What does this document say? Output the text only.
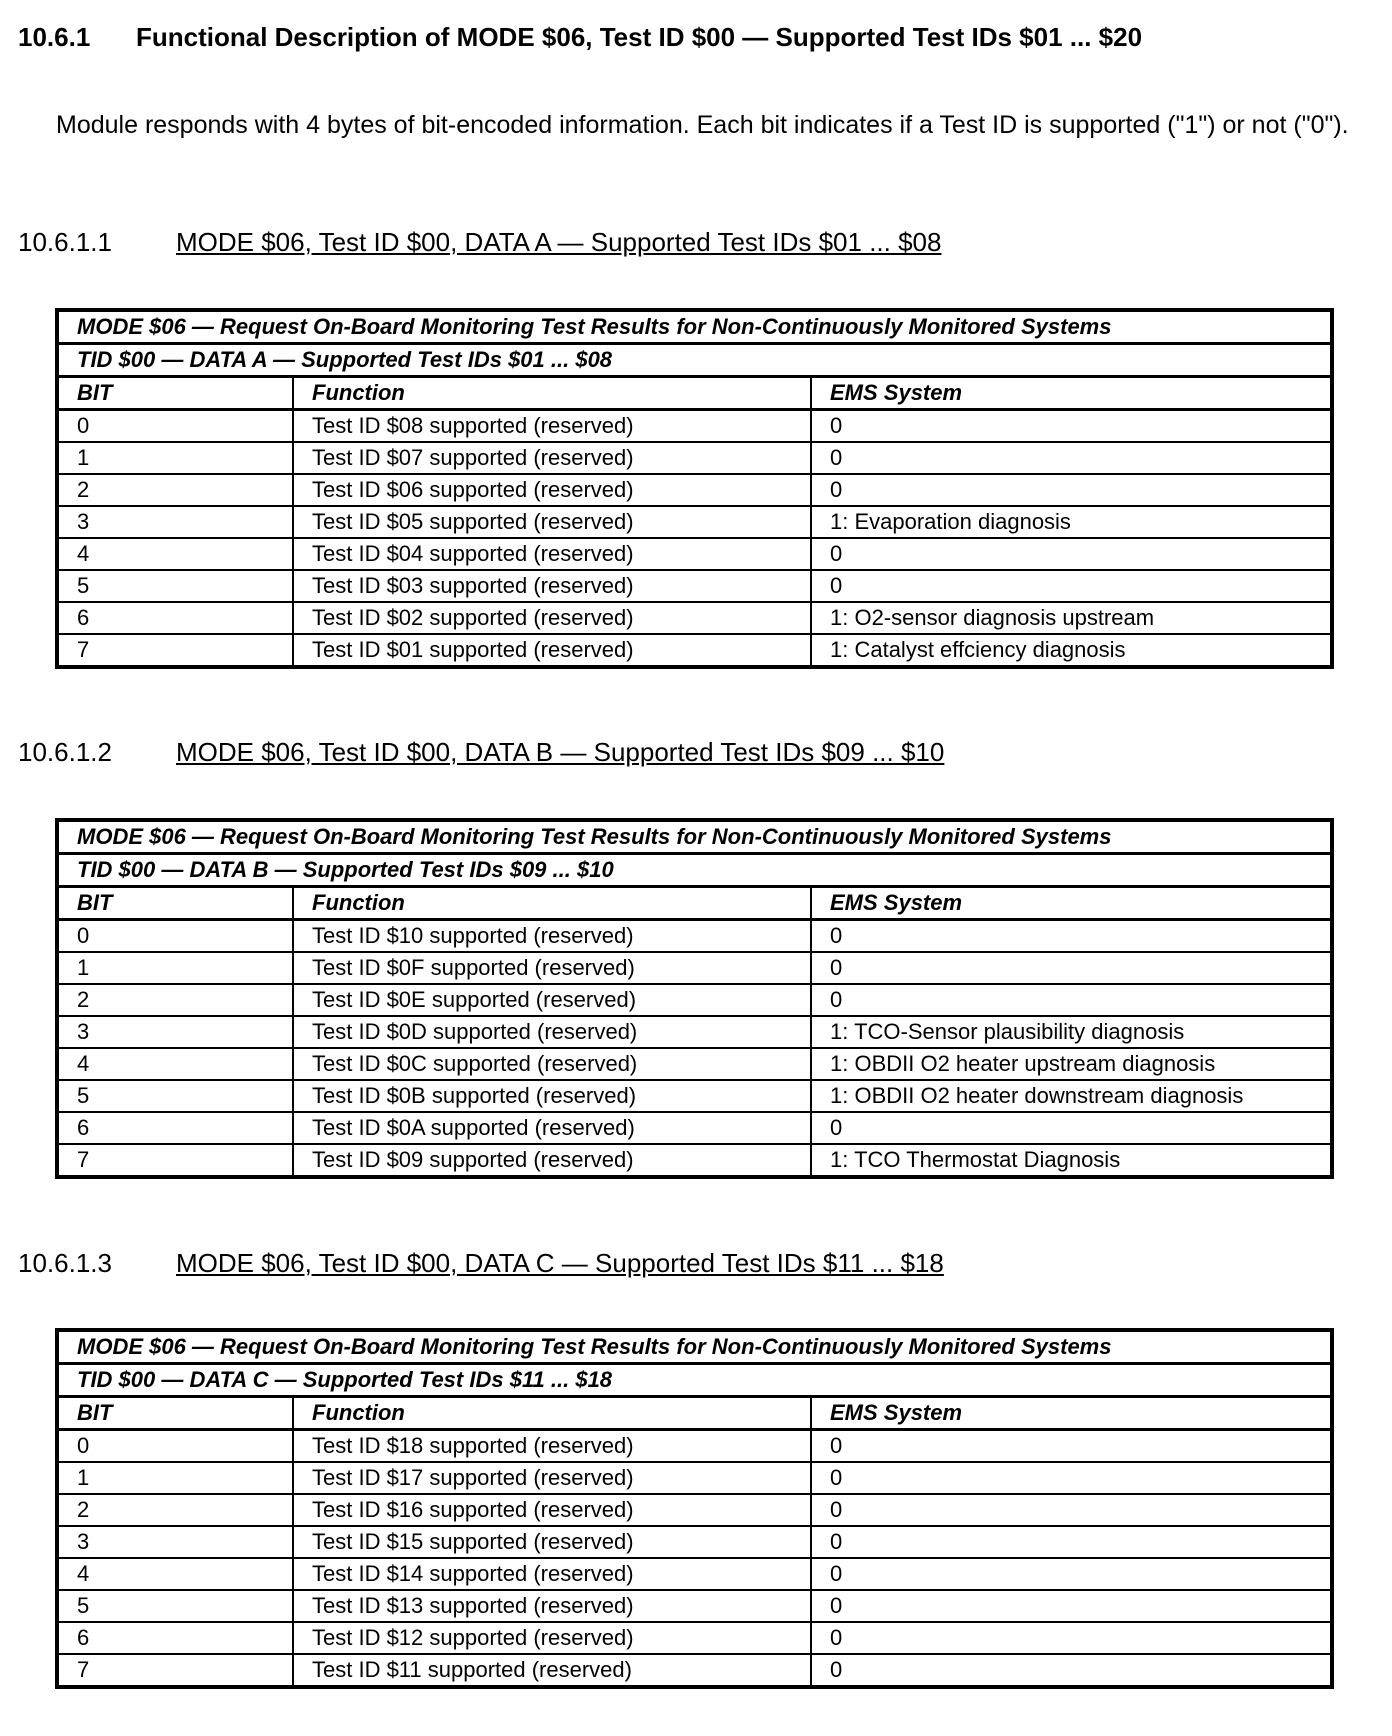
10.6.1 Functional Description of MODE $06, Test ID $00 — Supported Test IDs $01 ... $20
Module responds with 4 bytes of bit-encoded information. Each bit indicates if a Test ID is supported ("1") or not ("0").
10.6.1.1 MODE $06, Test ID $00, DATA A — Supported Test IDs $01 ... $08
MODE $06 — Request On-Board Monitoring Test Results for Non-Continuously Monitored Systems		
TID $00 — DATA A — Supported Test IDs $01 ... $08		
BIT	Function	EMS System
0	Test ID $08 supported (reserved)	0
1	Test ID $07 supported (reserved)	0
2	Test ID $06 supported (reserved)	0
3	Test ID $05 supported (reserved)	1: Evaporation diagnosis
4	Test ID $04 supported (reserved)	0
5	Test ID $03 supported (reserved)	0
6	Test ID $02 supported (reserved)	1: O2-sensor diagnosis upstream
7	Test ID $01 supported (reserved)	1: Catalyst effciency diagnosis
10.6.1.2 MODE $06, Test ID $00, DATA B — Supported Test IDs $09 ... $10
MODE $06 — Request On-Board Monitoring Test Results for Non-Continuously Monitored Systems		
TID $00 — DATA B — Supported Test IDs $09 ... $10		
BIT	Function	EMS System
0	Test ID $10 supported (reserved)	0
1	Test ID $0F supported (reserved)	0
2	Test ID $0E supported (reserved)	0
3	Test ID $0D supported (reserved)	1: TCO-Sensor plausibility diagnosis
4	Test ID $0C supported (reserved)	1: OBDII O2 heater upstream diagnosis
5	Test ID $0B supported (reserved)	1: OBDII O2 heater downstream diagnosis
6	Test ID $0A supported (reserved)	0
7	Test ID $09 supported (reserved)	1: TCO Thermostat Diagnosis
10.6.1.3 MODE $06, Test ID $00, DATA C — Supported Test IDs $11 ... $18
MODE $06 — Request On-Board Monitoring Test Results for Non-Continuously Monitored Systems		
TID $00 — DATA C — Supported Test IDs $11 ... $18		
BIT	Function	EMS System
0	Test ID $18 supported (reserved)	0
1	Test ID $17 supported (reserved)	0
2	Test ID $16 supported (reserved)	0
3	Test ID $15 supported (reserved)	0
4	Test ID $14 supported (reserved)	0
5	Test ID $13 supported (reserved)	0
6	Test ID $12 supported (reserved)	0
7	Test ID $11 supported (reserved)	0
